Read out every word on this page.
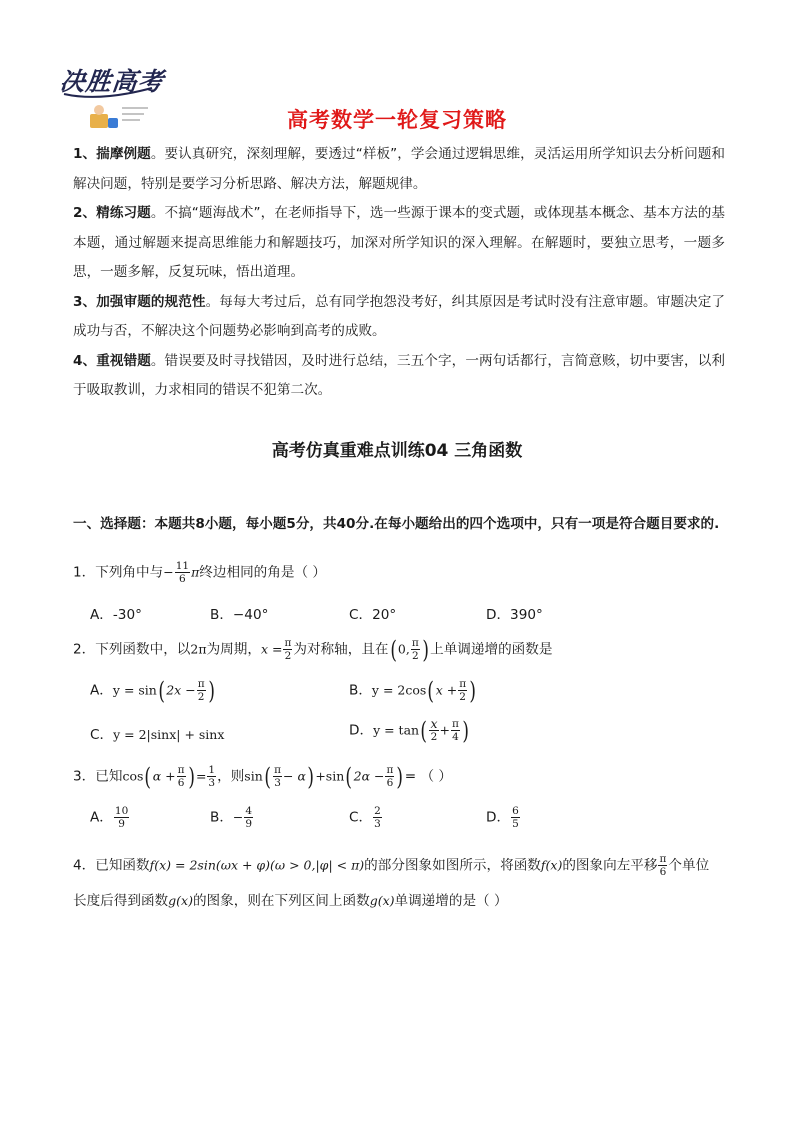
决胜高考
高考数学一轮复习策略

1、揣摩例题。要认真研究，深刻理解，要透过“样板”，学会通过逻辑思维，灵活运用所学知识去分析问题和解决问题，特别是要学习分析思路、解决方法，解题规律。

2、精练习题。不搞“题海战术”，在老师指导下，选一些源于课本的变式题，或体现基本概念、基本方法的基本题，通过解题来提高思维能力和解题技巧，加深对所学知识的深入理解。在解题时，要独立思考，一题多思，一题多解，反复玩味，悟出道理。

3、加强审题的规范性。每每大考过后，总有同学抱怨没考好，纠其原因是考试时没有注意审题。审题决定了成功与否，不解决这个问题势必影响到高考的成败。

4、重视错题。错误要及时寻找错因，及时进行总结，三五个字，一两句话都行，言简意赅，切中要害，以利于吸取教训，力求相同的错误不犯第二次。

高考仿真重难点训练04 三角函数
一、选择题：本题共8小题，每小题5分，共40分.在每小题给出的四个选项中，只有一项是符合题目要求的.
1．下列角中与− $\frac{11}{6}$ π终边相同的角是（ ）
A．-30°	B．−40°	C．20°	D．390°
2．下列函数中，以2π为周期，$x = \frac{\pi}{2}$ 为对称轴，且在(0, $\frac{\pi}{2}$ )上单调递增的函数是
A．$y = \sin(2x - \frac{\pi}{2}$ )	B．$y = 2\cos(x + \frac{\pi}{2}$ )
C．y = 2|sinx| + sinx	D．$y = \tan( \frac{x}{2} + \frac{\pi}{4}$ )
3．已知$\cos(\alpha + \frac{\pi}{6}$ )= $\frac{1}{3}$ ，则$\sin( \frac{\pi}{3} - \alpha)+\sin(2\alpha - \frac{\pi}{6}$ )= （ ）
A． $\frac{10}{9}$	B．− $\frac{4}{9}$	C． $\frac{2}{3}$	D． $\frac{6}{5}$
4．已知函数f(x) = 2sin(ωx + φ)(ω > 0,|φ| < π)的部分图象如图所示，将函数f(x)的图象向左平移 $\frac{\pi}{6}$ 个单位
长度后得到函数g(x)的图象，则在下列区间上函数g(x)单调递增的是（ ）
